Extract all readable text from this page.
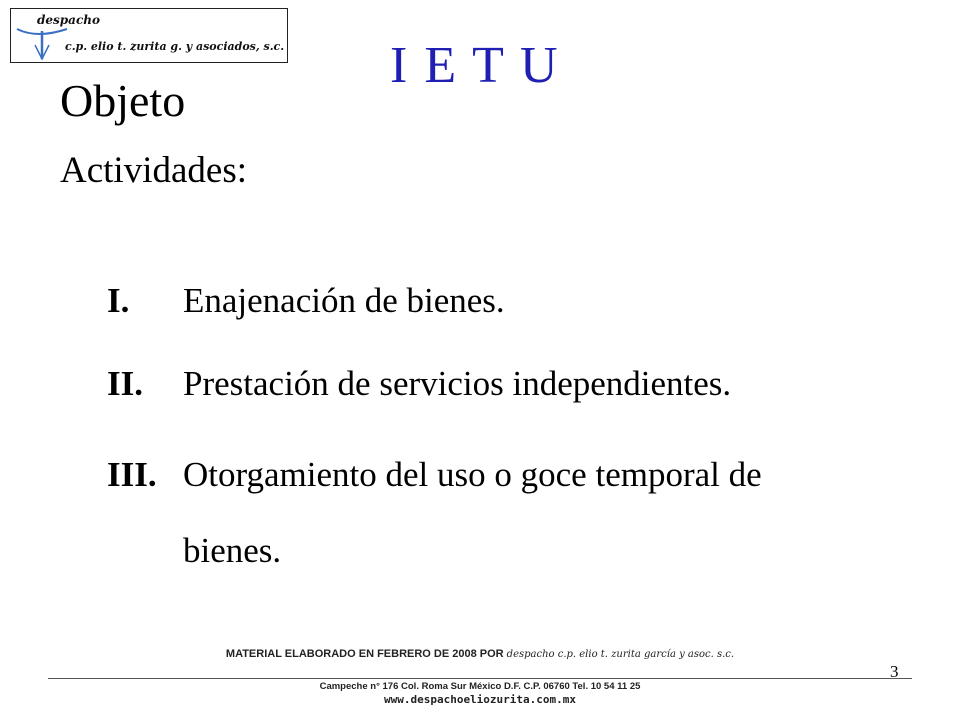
despacho
c.p. elio t. zurita g. y asociados, s.c. I E T U
Objeto
Actividades:
I. Enajenación de bienes.
II. Prestación de servicios independientes.
III. Otorgamiento del uso o goce temporal de
bienes.
MATERIAL ELABORADO EN FEBRERO DE 2008 POR despacho c.p. elio t. zurita garcía y asoc. s.c.
3
Campeche n° 176 Col. Roma Sur México D.F. C.P. 06760 Tel. 10 54 11 25
www.despachoeliozurita.com.mx
